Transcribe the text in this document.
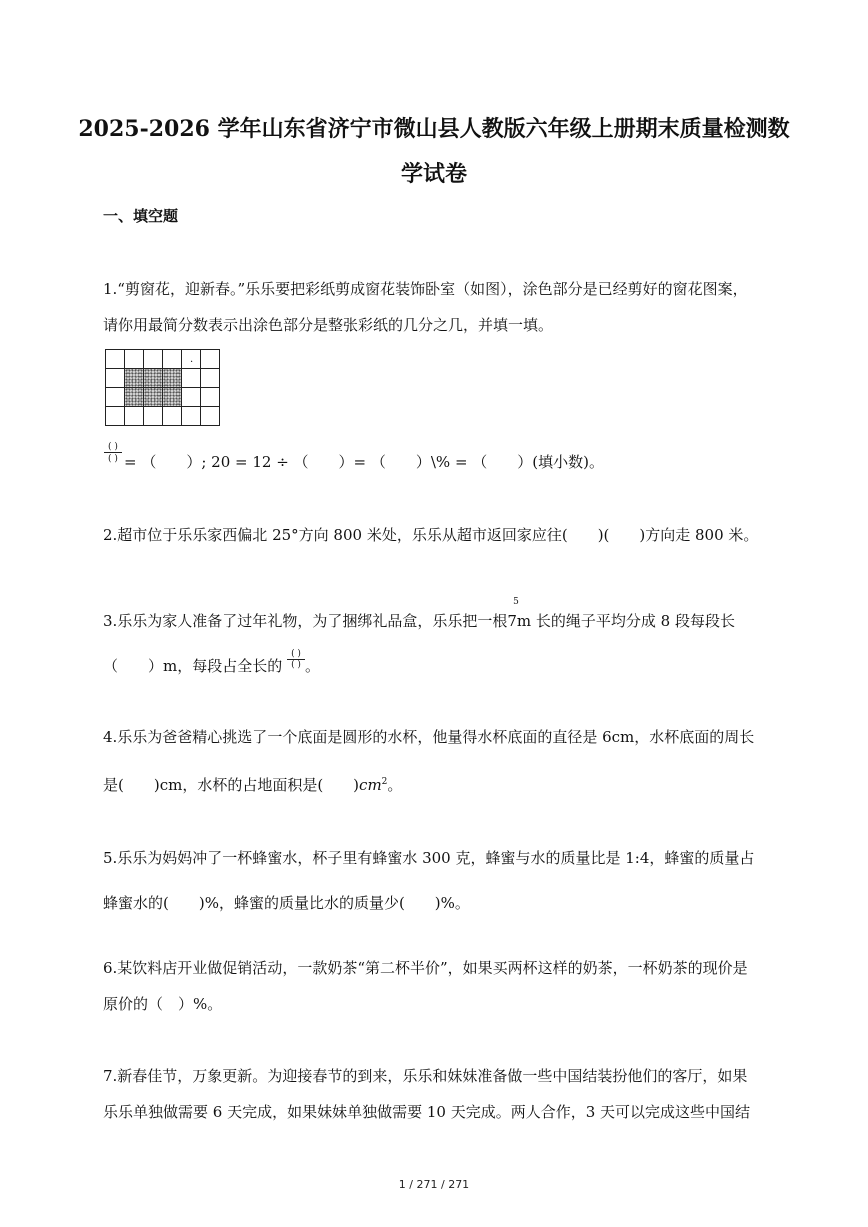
2025-2026 学年山东省济宁市微山县人教版六年级上册期末质量检测数
学试卷
一、填空题
1.“剪窗花，迎新春。”乐乐要把彩纸剪成窗花装饰卧室（如图），涂色部分是已经剪好的窗花图案，
请你用最简分数表示出涂色部分是整张彩纸的几分之几，并填一填。
.
( )
( ) = （　　）; 20 = 12 ÷ （　　）= （　　）\% = （　　）(填小数)。
2.超市位于乐乐家西偏北 25°方向 800 米处，乐乐从超市返回家应往(　　)(　　)方向走 800 米。
5
3.乐乐为家人准备了过年礼物，为了捆绑礼品盒，乐乐把一根7m 长的绳子平均分成 8 段每段长
（　　）m，每段占全长的
( )
( ) 。
4.乐乐为爸爸精心挑选了一个底面是圆形的水杯，他量得水杯底面的直径是 6cm，水杯底面的周长
是(　　)cm，水杯的占地面积是(　　)$cm^2$。
5.乐乐为妈妈冲了一杯蜂蜜水，杯子里有蜂蜜水 300 克，蜂蜜与水的质量比是 1:4，蜂蜜的质量占
蜂蜜水的(　　)%，蜂蜜的质量比水的质量少(　　)%。
6.某饮料店开业做促销活动，一款奶茶“第二杯半价”，如果买两杯这样的奶茶，一杯奶茶的现价是
原价的（　）%。
7.新春佳节，万象更新。为迎接春节的到来，乐乐和妹妹准备做一些中国结装扮他们的客厅，如果
乐乐单独做需要 6 天完成，如果妹妹单独做需要 10 天完成。两人合作，3 天可以完成这些中国结
1 / 271 / 271
